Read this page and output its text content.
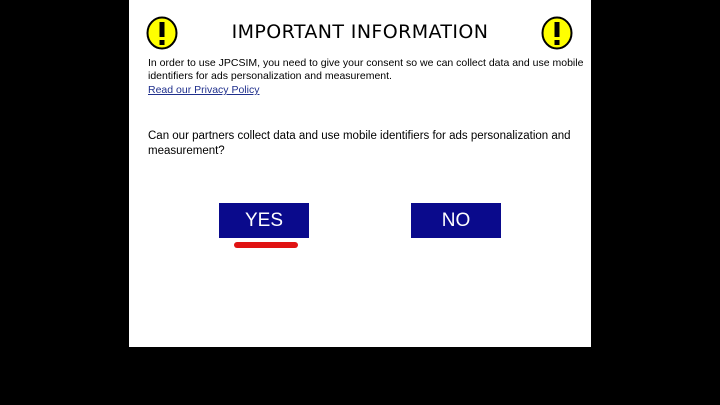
IMPORTANT INFORMATION

In order to use JPCSIM, you need to give your consent so we can collect data and use mobile identifiers for ads personalization and measurement.

Read our Privacy Policy

Can our partners collect data and use mobile identifiers for ads personalization and measurement?

YES	NO
